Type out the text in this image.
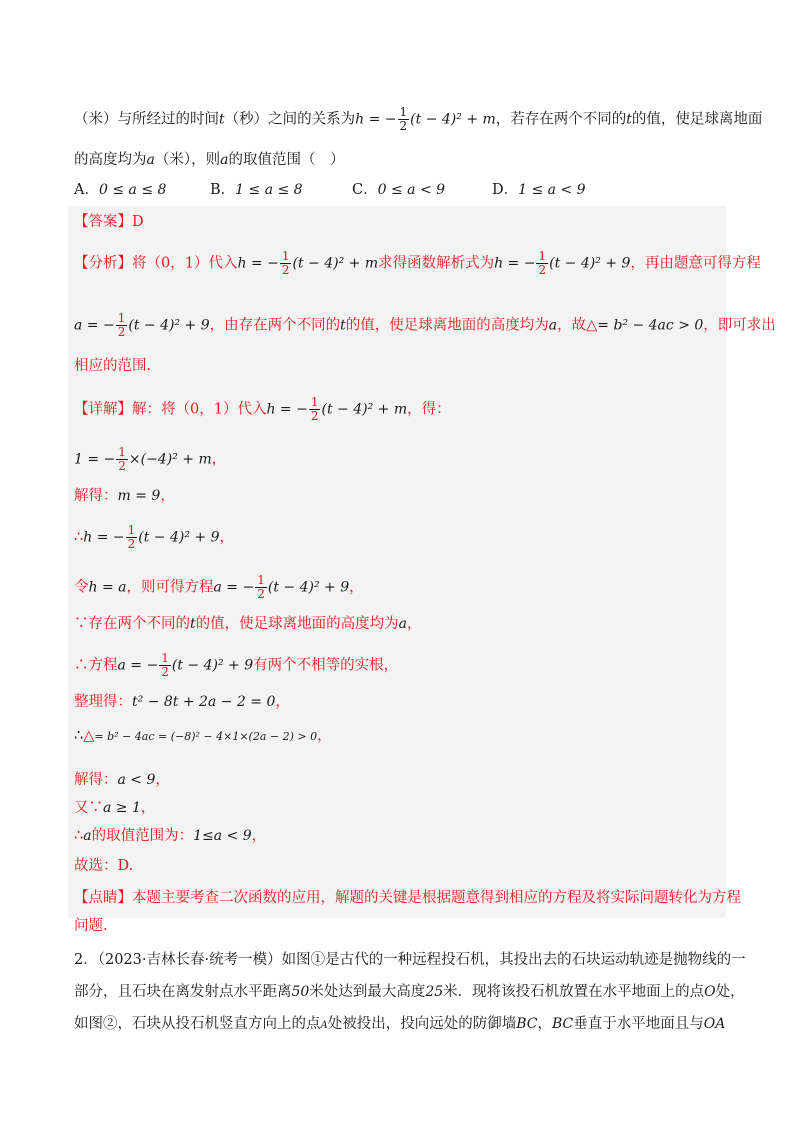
（米）与所经过的时间t（秒）之间的关系为h = − $\frac{1}{2} (t - 4)^2 + m$，若存在两个不同的t的值，使足球离地面
的高度均为a（米），则a的取值范围（　）
A．0 ≤ a ≤ 8	B．1 ≤ a ≤ 8	C．0 ≤ a < 9	D．1 ≤ a < 9
【答案】D
【分析】将（0，1）代入h = − $\frac{1}{2} (t - 4)^2 + m$求得函数解析式为h = − $\frac{1}{2} (t - 4)^2 + 9$，再由题意可得方程
a = − $\frac{1}{2} (t - 4)^2 + 9$，由存在两个不同的t的值，使足球离地面的高度均为a，故△= b² − 4ac > 0，即可求出
相应的范围.
【详解】解：将（0，1）代入h = − $\frac{1}{2} (t - 4)^2 + m$，得：
1 = − $\frac{1}{2} \times(-4)^2 + m$，
解得：m = 9，
∴h = − $\frac{1}{2} (t - 4)^2 + 9$，
令h = a，则可得方程a = − $\frac{1}{2} (t - 4)^2 + 9$，
∵存在两个不同的t的值，使足球离地面的高度均为a，
∴方程a = − $\frac{1}{2} (t - 4)^2 + 9$有两个不相等的实根，
整理得：t² − 8t + 2a − 2 = 0，
∴△= b² − 4ac = (−8)² − 4×1×(2a − 2) > 0，
解得：a < 9，
又∵a ≥ 1，
∴a的取值范围为：1≤a < 9，
故选：D.
【点睛】本题主要考查二次函数的应用，解题的关键是根据题意得到相应的方程及将实际问题转化为方程
问题.
2．（2023·吉林长春·统考一模）如图①是古代的一种远程投石机，其投出去的石块运动轨迹是抛物线的一
部分，且石块在离发射点水平距离50米处达到最大高度25米．现将该投石机放置在水平地面上的点O处，
如图②，石块从投石机竖直方向上的点A处被投出，投向远处的防御墙BC，BC垂直于水平地面且与OA
